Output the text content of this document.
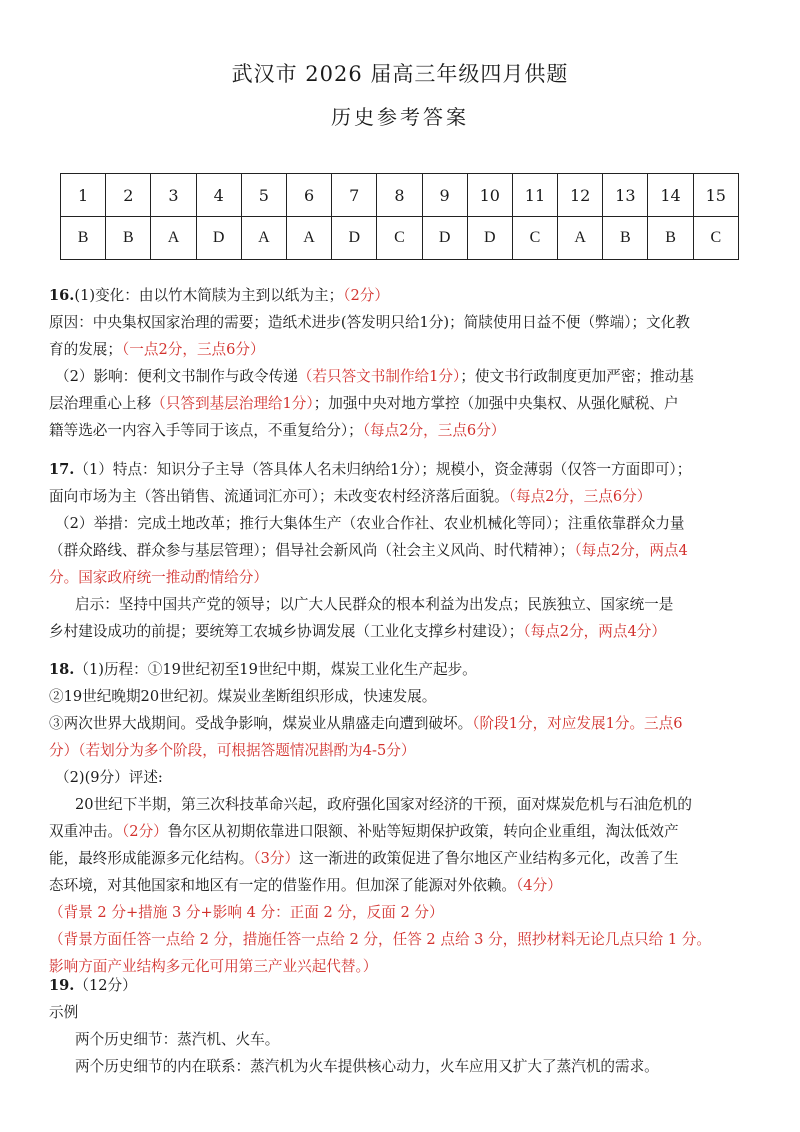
武汉市 2026 届高三年级四月供题
历史参考答案
1	2	3	4	5	6	7	8	9	10	11	12	13	14	15
B	B	A	D	A	A	D	C	D	D	C	A	B	B	C
16.(1)变化：由以竹木简牍为主到以纸为主；（2分）
原因：中央集权国家治理的需要；造纸术进步(答发明只给1分)；简牍使用日益不便（弊端）；文化教
育的发展；（一点2分，三点6分）
（2）影响：便利文书制作与政令传递（若只答文书制作给1分）；使文书行政制度更加严密；推动基
层治理重心上移（只答到基层治理给1分）；加强中央对地方掌控（加强中央集权、从强化赋税、户
籍等选必一内容入手等同于该点，不重复给分）；（每点2分，三点6分）
17.（1）特点：知识分子主导（答具体人名未归纳给1分）；规模小，资金薄弱（仅答一方面即可）；
面向市场为主（答出销售、流通词汇亦可）；未改变农村经济落后面貌。（每点2分，三点6分）
（2）举措：完成土地改革；推行大集体生产（农业合作社、农业机械化等同）；注重依靠群众力量
（群众路线、群众参与基层管理）；倡导社会新风尚（社会主义风尚、时代精神）；（每点2分，两点4
分。国家政府统一推动酌情给分）
启示：坚持中国共产党的领导；以广大人民群众的根本利益为出发点；民族独立、国家统一是
乡村建设成功的前提；要统筹工农城乡协调发展（工业化支撑乡村建设）；（每点2分，两点4分）
18.（1)历程：①19世纪初至19世纪中期，煤炭工业化生产起步。
②19世纪晚期20世纪初。煤炭业垄断组织形成，快速发展。
③两次世界大战期间。受战争影响，煤炭业从鼎盛走向遭到破坏。（阶段1分，对应发展1分。三点6
分）（若划分为多个阶段，可根据答题情况斟酌为4-5分）
（2)(9分）评述:
20世纪下半期，第三次科技革命兴起，政府强化国家对经济的干预，面对煤炭危机与石油危机的
双重冲击。（2分）鲁尔区从初期依靠进口限额、补贴等短期保护政策，转向企业重组，淘汰低效产
能，最终形成能源多元化结构。（3分）这一渐进的政策促进了鲁尔地区产业结构多元化，改善了生
态环境，对其他国家和地区有一定的借鉴作用。但加深了能源对外依赖。（4分）
（背景 2 分+措施 3 分+影响 4 分：正面 2 分，反面 2 分）
（背景方面任答一点给 2 分，措施任答一点给 2 分，任答 2 点给 3 分，照抄材料无论几点只给 1 分。
影响方面产业结构多元化可用第三产业兴起代替。）
19.（12分）
示例
两个历史细节：蒸汽机、火车。
两个历史细节的内在联系：蒸汽机为火车提供核心动力，火车应用又扩大了蒸汽机的需求。
